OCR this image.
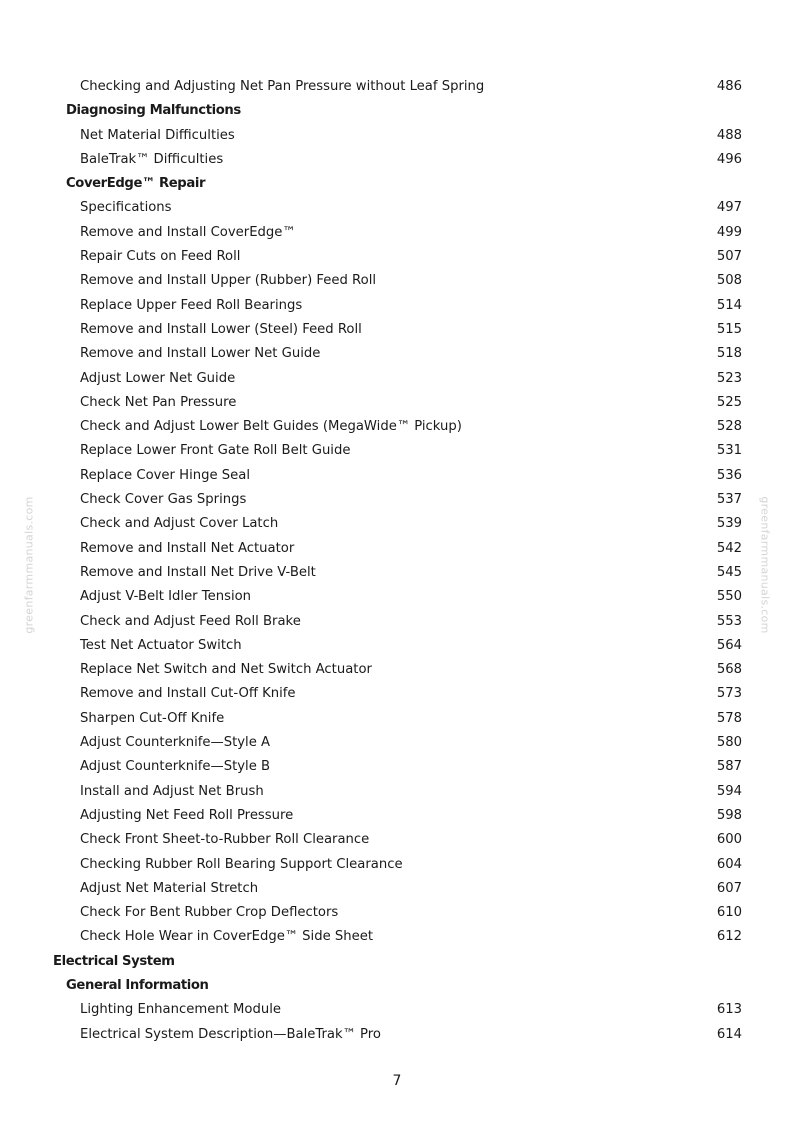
greenfarmmanuals.com	greenfarmmanuals.com
Checking and Adjusting Net Pan Pressure without Leaf Spring	486
Diagnosing Malfunctions
Net Material Difficulties	488
BaleTrak™ Difficulties	496
CoverEdge™ Repair
Specifications	497
Remove and Install CoverEdge™	499
Repair Cuts on Feed Roll	507
Remove and Install Upper (Rubber) Feed Roll	508
Replace Upper Feed Roll Bearings	514
Remove and Install Lower (Steel) Feed Roll	515
Remove and Install Lower Net Guide	518
Adjust Lower Net Guide	523
Check Net Pan Pressure	525
Check and Adjust Lower Belt Guides (MegaWide™ Pickup)	528
Replace Lower Front Gate Roll Belt Guide	531
Replace Cover Hinge Seal	536
Check Cover Gas Springs	537
Check and Adjust Cover Latch	539
Remove and Install Net Actuator	542
Remove and Install Net Drive V-Belt	545
Adjust V-Belt Idler Tension	550
Check and Adjust Feed Roll Brake	553
Test Net Actuator Switch	564
Replace Net Switch and Net Switch Actuator	568
Remove and Install Cut-Off Knife	573
Sharpen Cut-Off Knife	578
Adjust Counterknife—Style A	580
Adjust Counterknife—Style B	587
Install and Adjust Net Brush	594
Adjusting Net Feed Roll Pressure	598
Check Front Sheet-to-Rubber Roll Clearance	600
Checking Rubber Roll Bearing Support Clearance	604
Adjust Net Material Stretch	607
Check For Bent Rubber Crop Deflectors	610
Check Hole Wear in CoverEdge™ Side Sheet	612
Electrical System
General Information
Lighting Enhancement Module	613
Electrical System Description—BaleTrak™ Pro	614
7
